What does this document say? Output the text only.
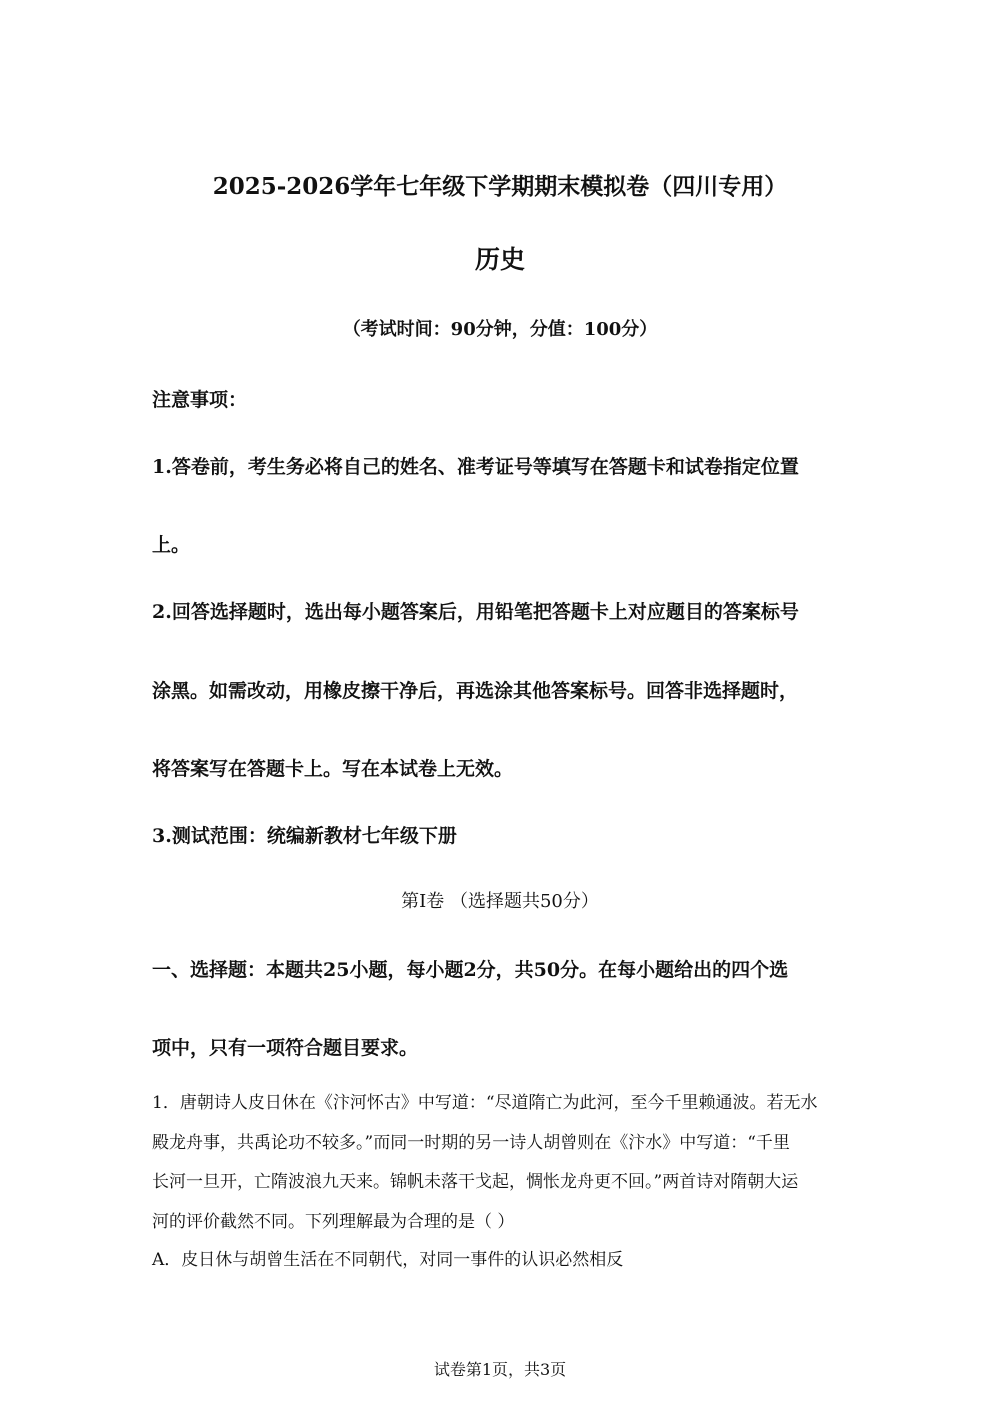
2025-2026学年七年级下学期期末模拟卷（四川专用）
历史
（考试时间：90分钟，分值：100分）
注意事项：
1.答卷前，考生务必将自己的姓名、准考证号等填写在答题卡和试卷指定位置
上。
2.回答选择题时，选出每小题答案后，用铅笔把答题卡上对应题目的答案标号
涂黑。如需改动，用橡皮擦干净后，再选涂其他答案标号。回答非选择题时，
将答案写在答题卡上。写在本试卷上无效。
3.测试范围：统编新教材七年级下册
第Ⅰ卷 （选择题共50分）
一、选择题：本题共25小题，每小题2分，共50分。在每小题给出的四个选
项中，只有一项符合题目要求。
1．唐朝诗人皮日休在《汴河怀古》中写道：“尽道隋亡为此河，至今千里赖通波。若无水
殿龙舟事，共禹论功不较多。”而同一时期的另一诗人胡曾则在《汴水》中写道：“千里
长河一旦开，亡隋波浪九天来。锦帆未落干戈起，惆怅龙舟更不回。”两首诗对隋朝大运
河的评价截然不同。下列理解最为合理的是（ ）
A．皮日休与胡曾生活在不同朝代，对同一事件的认识必然相反
试卷第1页，共3页
